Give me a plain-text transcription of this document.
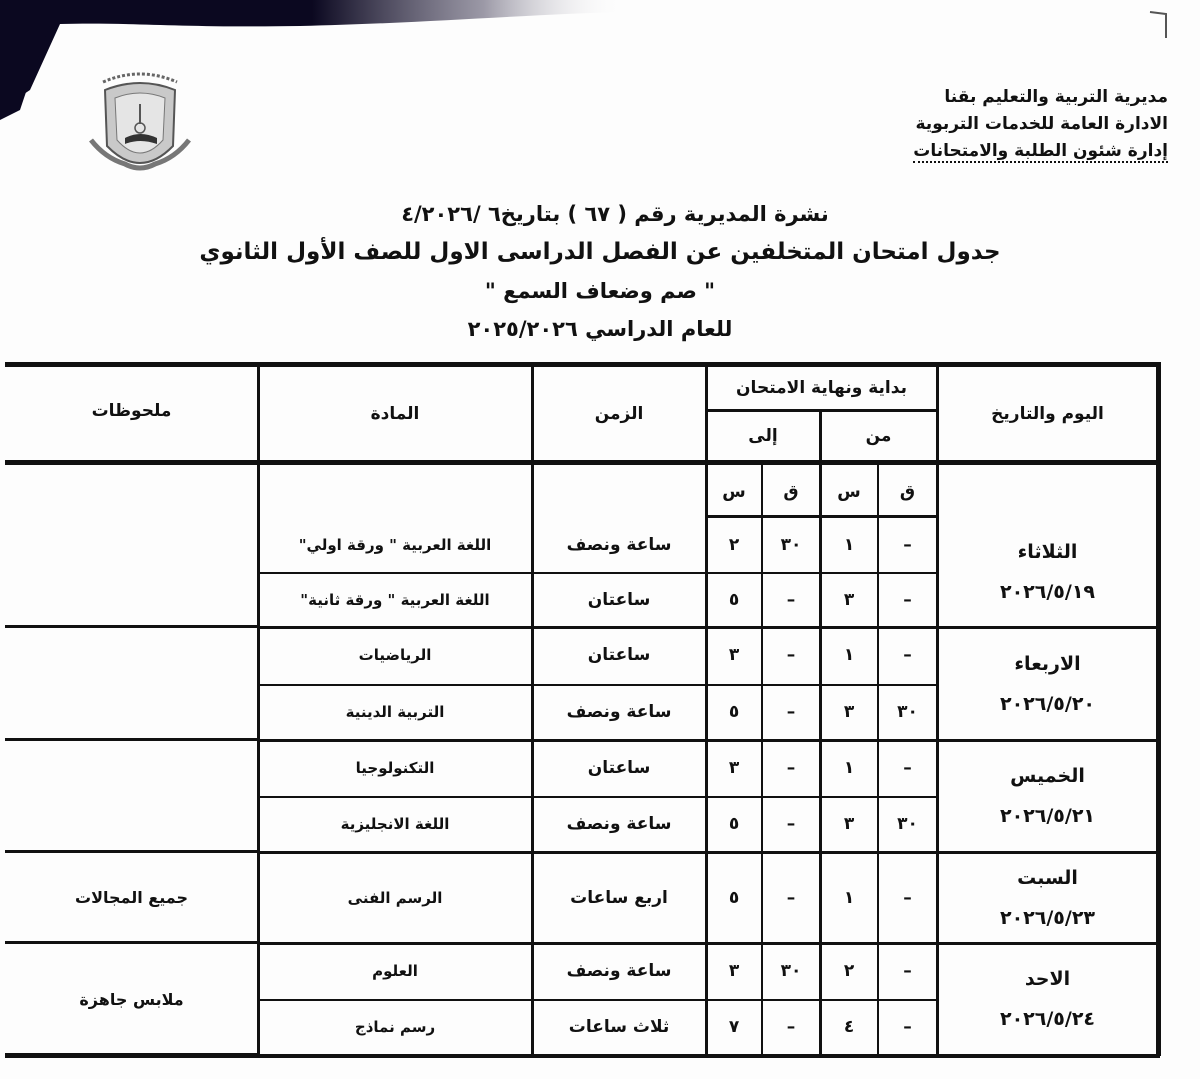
مديرية التربية والتعليم بقنا
الادارة العامة للخدمات التربوية
إدارة شئون الطلبة والامتحانات
نشرة المديرية رقم ( ٦٧ ) بتاريخ٦ /٤/٢٠٢٦
جدول امتحان المتخلفين عن الفصل الدراسى الاول للصف الأول الثانوي
" صم وضعاف السمع "
للعام الدراسي ٢٠٢٥/٢٠٢٦
اليوم والتاريخ
بداية ونهاية الامتحان
من
إلى
الزمن
المادة
ملحوظات
ق
س
ق
س
الثلاثاء
٢٠٢٦/٥/١٩
–
١
٣٠
٢
ساعة ونصف
اللغة العربية " ورقة اولي"
–
٣
–
٥
ساعتان
اللغة العربية " ورقة ثانية"
الاربعاء
٢٠٢٦/٥/٢٠
–
١
–
٣
ساعتان
الرياضيات
٣٠
٣
–
٥
ساعة ونصف
التربية الدينية
الخميس
٢٠٢٦/٥/٢١
–
١
–
٣
ساعتان
التكنولوجيا
٣٠
٣
–
٥
ساعة ونصف
اللغة الانجليزية
السبت
٢٠٢٦/٥/٢٣
جميع المجالات	–
١
–
٥
اربع ساعات
الرسم الفنى
الاحد
٢٠٢٦/٥/٢٤
ملابس جاهزة
–
٢
٣٠
٣
ساعة ونصف
العلوم
–
٤
–
٧
ثلاث ساعات
رسم نماذج
